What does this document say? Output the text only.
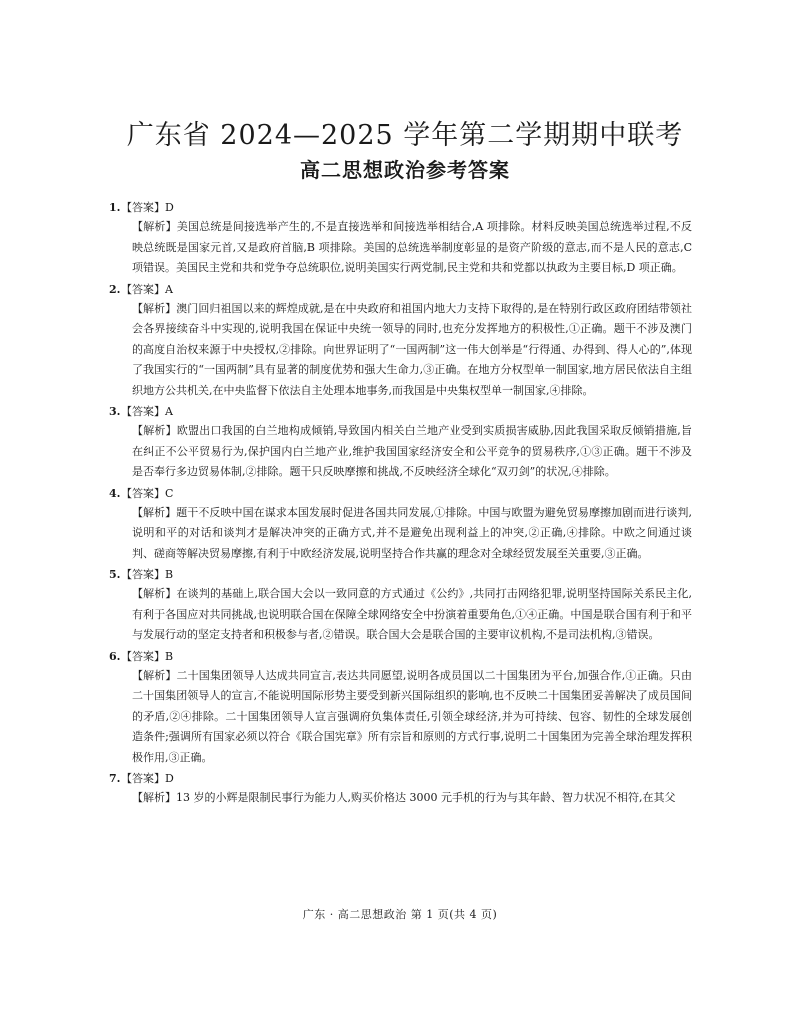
广东省 2024—2025 学年第二学期期中联考
高二思想政治参考答案

1.【答案】D

【解析】美国总统是间接选举产生的,不是直接选举和间接选举相结合,A 项排除。材料反映美国总统选举过程,不反映总统既是国家元首,又是政府首脑,B 项排除。美国的总统选举制度彰显的是资产阶级的意志,而不是人民的意志,C 项错误。美国民主党和共和党争夺总统职位,说明美国实行两党制,民主党和共和党都以执政为主要目标,D 项正确。

2.【答案】A

【解析】澳门回归祖国以来的辉煌成就,是在中央政府和祖国内地大力支持下取得的,是在特别行政区政府团结带领社会各界接续奋斗中实现的,说明我国在保证中央统一领导的同时,也充分发挥地方的积极性,①正确。题干不涉及澳门的高度自治权来源于中央授权,②排除。向世界证明了“一国两制”这一伟大创举是“行得通、办得到、得人心的”,体现了我国实行的“一国两制”具有显著的制度优势和强大生命力,③正确。在地方分权型单一制国家,地方居民依法自主组织地方公共机关,在中央监督下依法自主处理本地事务,而我国是中央集权型单一制国家,④排除。

3.【答案】A

【解析】欧盟出口我国的白兰地构成倾销,导致国内相关白兰地产业受到实质损害威胁,因此我国采取反倾销措施,旨在纠正不公平贸易行为,保护国内白兰地产业,维护我国国家经济安全和公平竞争的贸易秩序,①③正确。题干不涉及是否奉行多边贸易体制,②排除。题干只反映摩擦和挑战,不反映经济全球化“双刃剑”的状况,④排除。

4.【答案】C

【解析】题干不反映中国在谋求本国发展时促进各国共同发展,①排除。中国与欧盟为避免贸易摩擦加剧而进行谈判,说明和平的对话和谈判才是解决冲突的正确方式,并不是避免出现利益上的冲突,②正确,④排除。中欧之间通过谈判、磋商等解决贸易摩擦,有利于中欧经济发展,说明坚持合作共赢的理念对全球经贸发展至关重要,③正确。

5.【答案】B

【解析】在谈判的基础上,联合国大会以一致同意的方式通过《公约》,共同打击网络犯罪,说明坚持国际关系民主化,有利于各国应对共同挑战,也说明联合国在保障全球网络安全中扮演着重要角色,①④正确。中国是联合国有利于和平与发展行动的坚定支持者和积极参与者,②错误。联合国大会是联合国的主要审议机构,不是司法机构,③错误。

6.【答案】B

【解析】二十国集团领导人达成共同宣言,表达共同愿望,说明各成员国以二十国集团为平台,加强合作,①正确。只由二十国集团领导人的宣言,不能说明国际形势主要受到新兴国际组织的影响,也不反映二十国集团妥善解决了成员国间的矛盾,②④排除。二十国集团领导人宣言强调府负集体责任,引领全球经济,并为可持续、包容、韧性的全球发展创造条件;强调所有国家必须以符合《联合国宪章》所有宗旨和原则的方式行事,说明二十国集团为完善全球治理发挥积极作用,③正确。

7.【答案】D

【解析】13 岁的小辉是限制民事行为能力人,购买价格达 3000 元手机的行为与其年龄、智力状况不相符,在其父

广东 · 高二思想政治 第 1 页(共 4 页)
